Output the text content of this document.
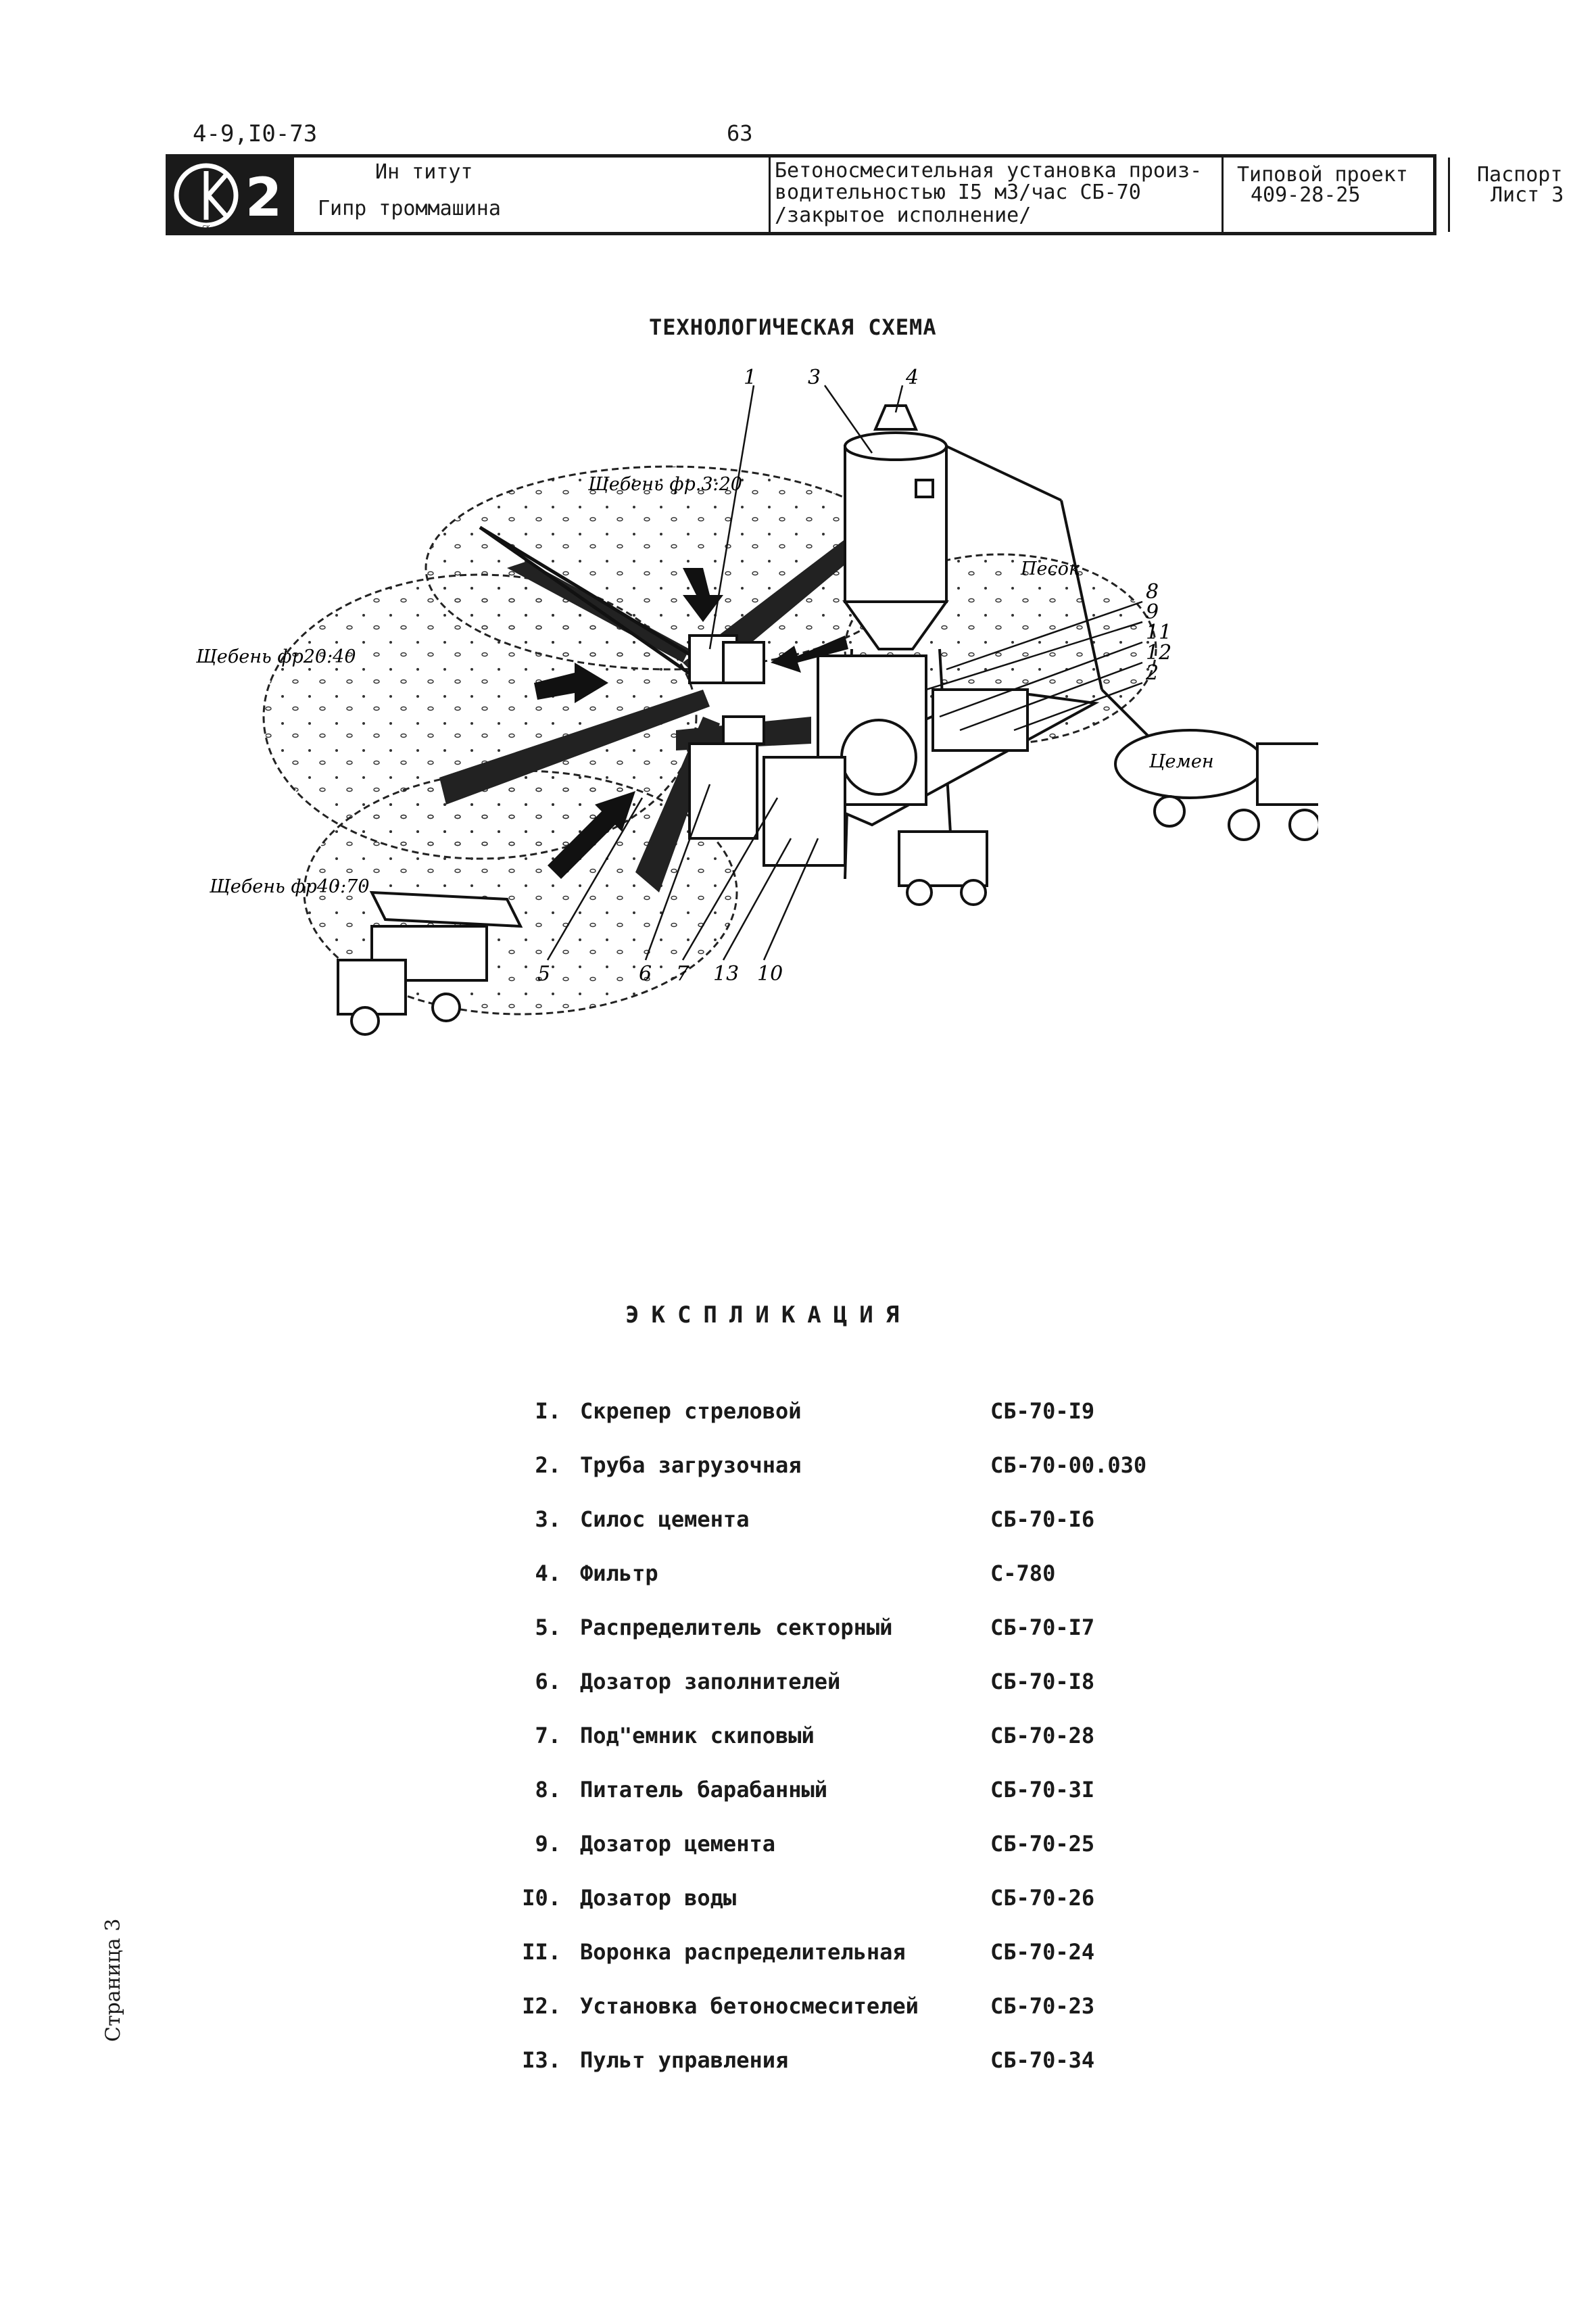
4-9,I0-73	63
СК 2	Ин титут
Гипр троммашина
Бетоносмесительная установка произ-
водительностью I5 м3/час СБ-70
/закрытое исполнение/
Типовой проект
409-28-25
Паспорт
Лист 3
ТЕХНОЛОГИЧЕСКАЯ СХЕМА
1	3	4
8
9
11
12
2
5	6 7 13 10
Щебень фр.3:20
Щебень фр20:40
Щебень фр40:70
Песок
Цемен
ЭКСПЛИКАЦИЯ
I. Скрепер стреловой	СБ-70-I9
2. Труба загрузочная	СБ-70-00.030
3. Силос цемента	СБ-70-I6
4. Фильтр	С-780
5. Распределитель секторный	СБ-70-I7
6. Дозатор заполнителей	СБ-70-I8
7. Под"емник скиповый	СБ-70-28
8. Питатель барабанный	СБ-70-3I
9. Дозатор цемента	СБ-70-25
I0. Дозатор воды	СБ-70-26
II. Воронка распределительная	СБ-70-24
I2. Установка бетоносмесителей	СБ-70-23
I3. Пульт управления	СБ-70-34
Страница 3
